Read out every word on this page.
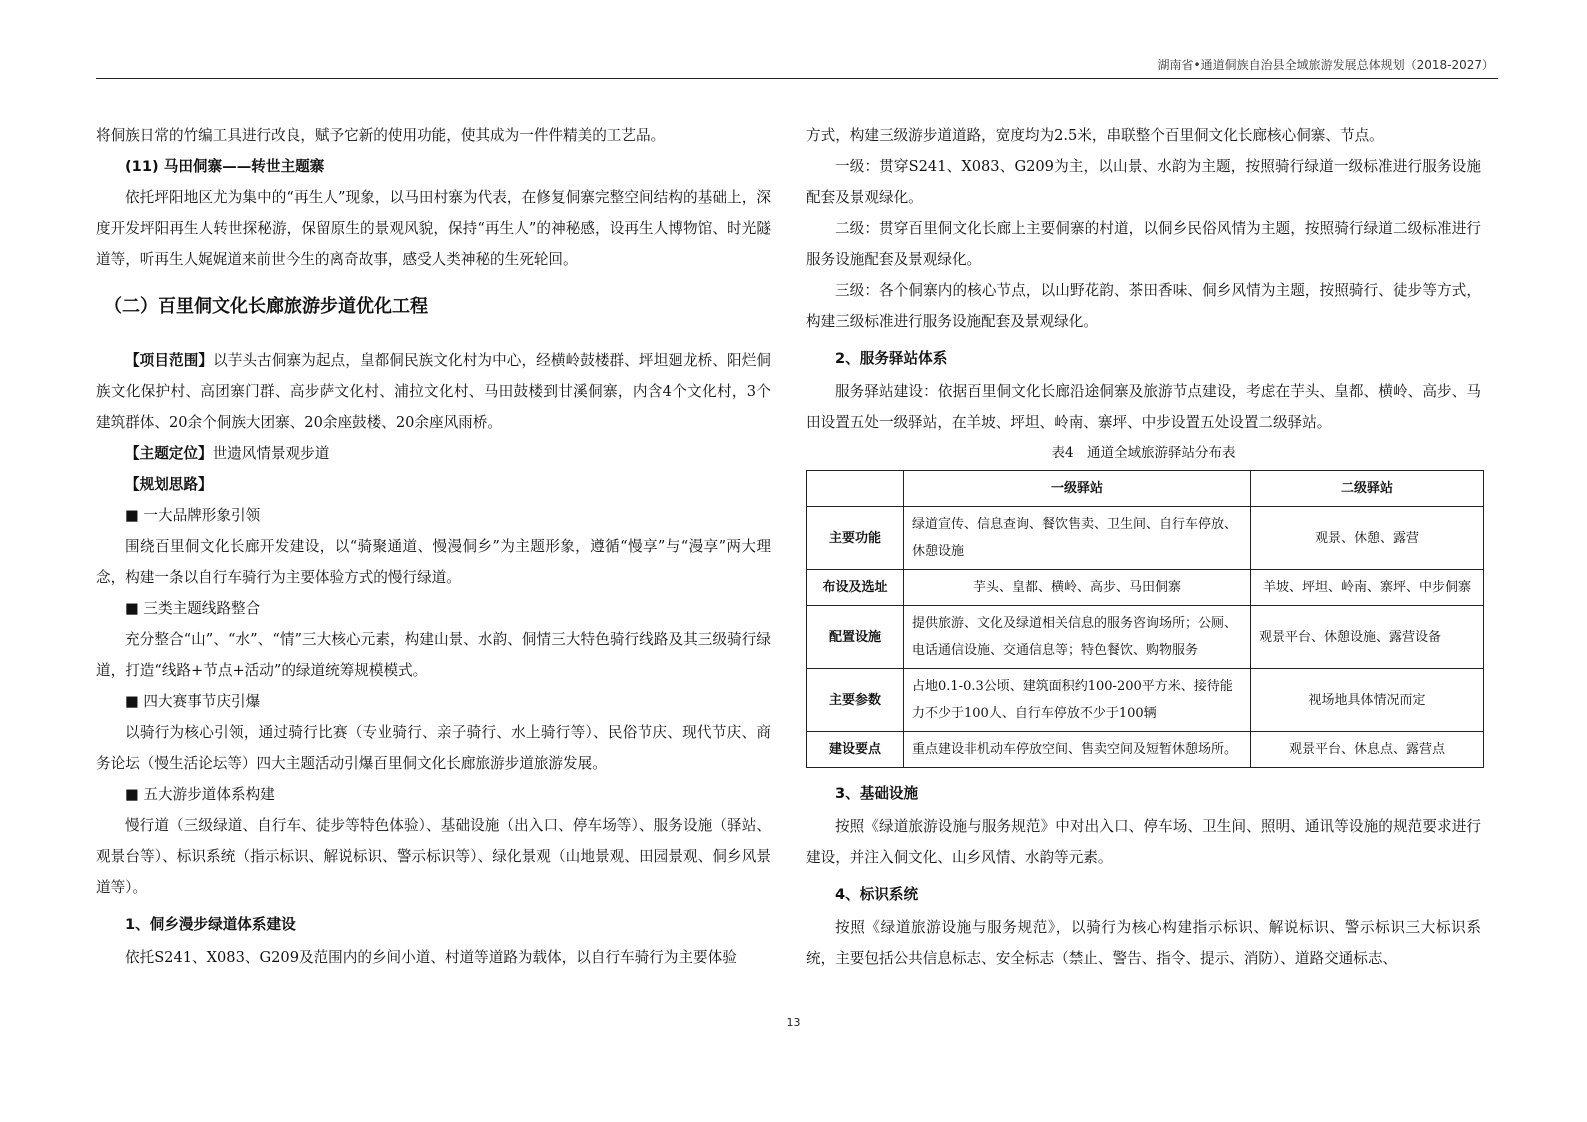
湖南省•通道侗族自治县全域旅游发展总体规划（2018-2027）

将侗族日常的竹编工具进行改良，赋予它新的使用功能，使其成为一件件精美的工艺品。

(11) 马田侗寨——转世主题寨

依托坪阳地区尤为集中的“再生人”现象，以马田村寨为代表，在修复侗寨完整空间结构的基础上，深度开发坪阳再生人转世探秘游，保留原生的景观风貌，保持“再生人”的神秘感，设再生人博物馆、时光隧道等，听再生人娓娓道来前世今生的离奇故事，感受人类神秘的生死轮回。

（二）百里侗文化长廊旅游步道优化工程

【项目范围】以芋头古侗寨为起点，皇都侗民族文化村为中心，经横岭鼓楼群、坪坦廻龙桥、阳烂侗族文化保护村、高团寨门群、高步萨文化村、浦拉文化村、马田鼓楼到甘溪侗寨，内含4个文化村，3个建筑群体、20余个侗族大团寨、20余座鼓楼、20余座风雨桥。

【主题定位】世遗风情景观步道

【规划思路】

■ 一大品牌形象引领

围绕百里侗文化长廊开发建设，以“骑聚通道、慢漫侗乡”为主题形象，遵循“慢享”与“漫享”两大理念，构建一条以自行车骑行为主要体验方式的慢行绿道。

■ 三类主题线路整合

充分整合“山”、“水”、“情”三大核心元素，构建山景、水韵、侗情三大特色骑行线路及其三级骑行绿道，打造“线路+节点+活动”的绿道统筹规模模式。

■ 四大赛事节庆引爆

以骑行为核心引领，通过骑行比赛（专业骑行、亲子骑行、水上骑行等）、民俗节庆、现代节庆、商务论坛（慢生活论坛等）四大主题活动引爆百里侗文化长廊旅游步道旅游发展。

■ 五大游步道体系构建

慢行道（三级绿道、自行车、徒步等特色体验）、基础设施（出入口、停车场等）、服务设施（驿站、观景台等）、标识系统（指示标识、解说标识、警示标识等）、绿化景观（山地景观、田园景观、侗乡风景道等）。

1、侗乡漫步绿道体系建设

依托S241、X083、G209及范围内的乡间小道、村道等道路为载体，以自行车骑行为主要体验

方式，构建三级游步道道路，宽度均为2.5米，串联整个百里侗文化长廊核心侗寨、节点。

一级：贯穿S241、X083、G209为主，以山景、水韵为主题，按照骑行绿道一级标准进行服务设施配套及景观绿化。

二级：贯穿百里侗文化长廊上主要侗寨的村道，以侗乡民俗风情为主题，按照骑行绿道二级标准进行服务设施配套及景观绿化。

三级：各个侗寨内的核心节点，以山野花韵、茶田香味、侗乡风情为主题，按照骑行、徒步等方式，构建三级标准进行服务设施配套及景观绿化。

2、服务驿站体系

服务驿站建设：依据百里侗文化长廊沿途侗寨及旅游节点建设，考虑在芋头、皇都、横岭、高步、马田设置五处一级驿站，在羊坡、坪坦、岭南、寨坪、中步设置五处设置二级驿站。

表4　通道全域旅游驿站分布表
	一级驿站	二级驿站
主要功能	绿道宣传、信息查询、餐饮售卖、卫生间、自行车停放、休憩设施	观景、休憩、露营
布设及选址	芋头、皇都、横岭、高步、马田侗寨	羊坡、坪坦、岭南、寨坪、中步侗寨
配置设施	提供旅游、文化及绿道相关信息的服务咨询场所；公厕、电话通信设施、交通信息等；特色餐饮、购物服务	观景平台、休憩设施、露营设备
主要参数	占地0.1-0.3公顷、建筑面积约100-200平方米、接待能力不少于100人、自行车停放不少于100辆	视场地具体情况而定
建设要点	重点建设非机动车停放空间、售卖空间及短暂休憩场所。	观景平台、休息点、露营点

3、基础设施

按照《绿道旅游设施与服务规范》中对出入口、停车场、卫生间、照明、通讯等设施的规范要求进行建设，并注入侗文化、山乡风情、水韵等元素。

4、标识系统

按照《绿道旅游设施与服务规范》，以骑行为核心构建指示标识、解说标识、警示标识三大标识系统，主要包括公共信息标志、安全标志（禁止、警告、指令、提示、消防）、道路交通标志、

13
